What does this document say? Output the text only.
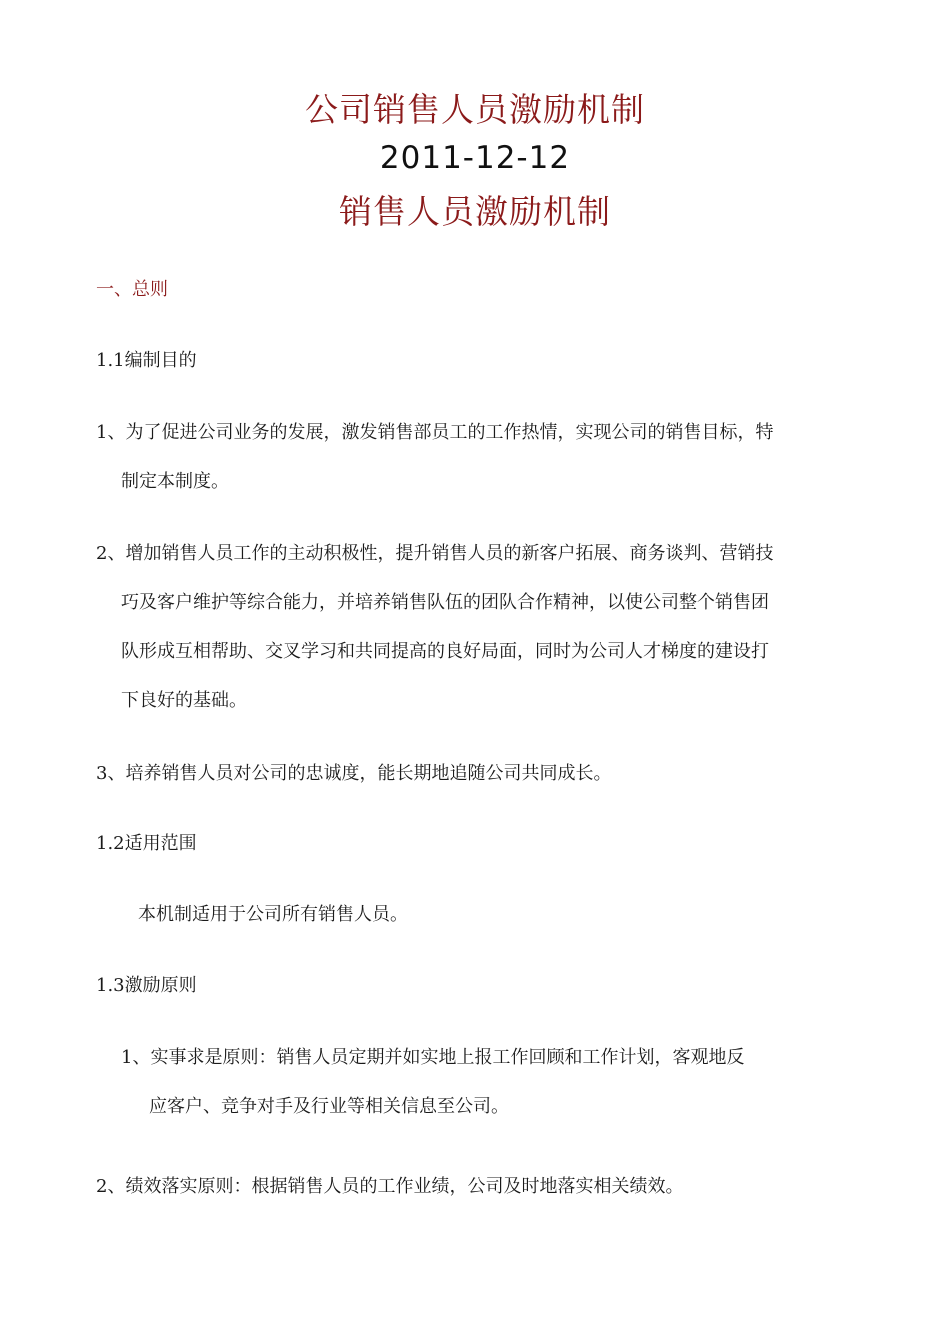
公司销售人员激励机制
2011-12-12
销售人员激励机制
一、总则
1.1编制目的
1、为了促进公司业务的发展，激发销售部员工的工作热情，实现公司的销售目标，特
制定本制度。
2、增加销售人员工作的主动积极性，提升销售人员的新客户拓展、商务谈判、营销技
巧及客户维护等综合能力，并培养销售队伍的团队合作精神，以使公司整个销售团
队形成互相帮助、交叉学习和共同提高的良好局面，同时为公司人才梯度的建设打
下良好的基础。
3、培养销售人员对公司的忠诚度，能长期地追随公司共同成长。
1.2适用范围
本机制适用于公司所有销售人员。
1.3激励原则
1、实事求是原则：销售人员定期并如实地上报工作回顾和工作计划，客观地反
应客户、竞争对手及行业等相关信息至公司。
2、绩效落实原则：根据销售人员的工作业绩，公司及时地落实相关绩效。
